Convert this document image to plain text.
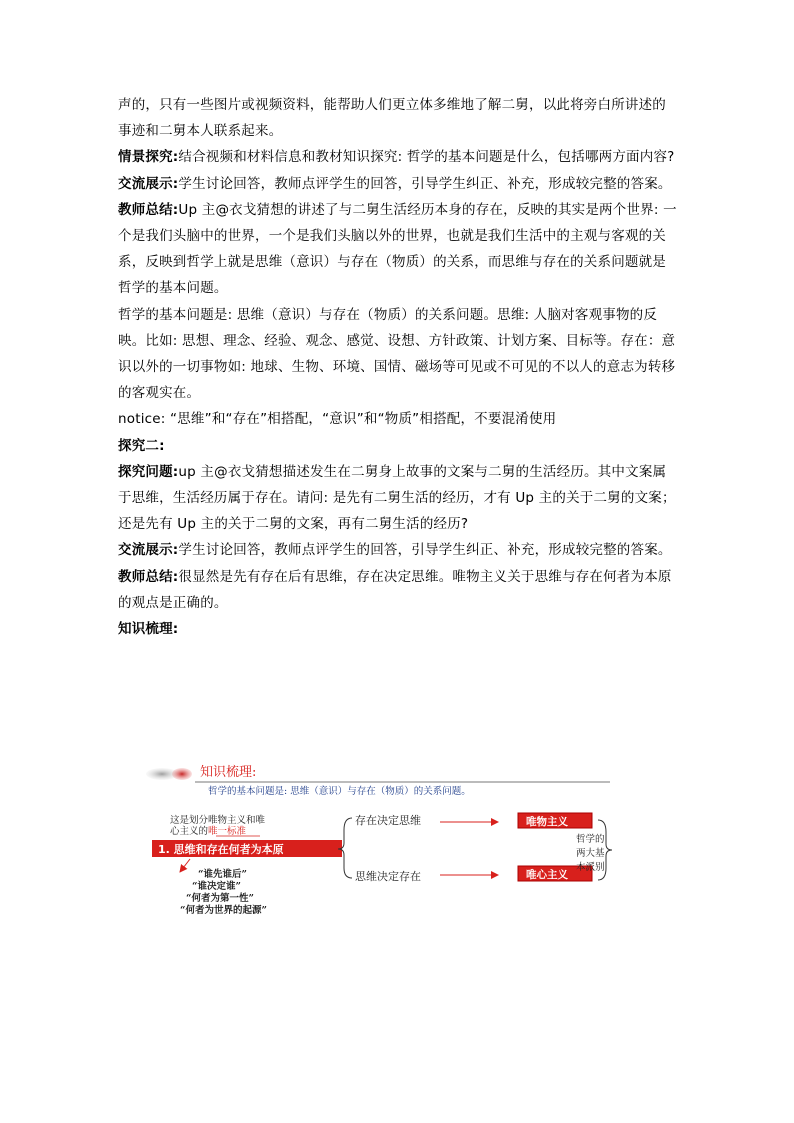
声的，只有一些图片或视频资料，能帮助人们更立体多维地了解二舅，以此将旁白所讲述的事迹和二舅本人联系起来。

情景探究:结合视频和材料信息和教材知识探究: 哲学的基本问题是什么，包括哪两方面内容?

交流展示:学生讨论回答，教师点评学生的回答，引导学生纠正、补充，形成较完整的答案。教师总结:Up 主@衣戈猜想的讲述了与二舅生活经历本身的存在，反映的其实是两个世界: 一个是我们头脑中的世界，一个是我们头脑以外的世界，也就是我们生活中的主观与客观的关系，反映到哲学上就是思维（意识）与存在（物质）的关系，而思维与存在的关系问题就是哲学的基本问题。

哲学的基本问题是: 思维（意识）与存在（物质）的关系问题。思维: 人脑对客观事物的反映。比如: 思想、理念、经验、观念、感觉、设想、方针政策、计划方案、目标等。存在：意识以外的一切事物如: 地球、生物、环境、国情、磁场等可见或不可见的不以人的意志为转移的客观实在。

notice: “思维”和“存在”相搭配，“意识”和“物质”相搭配，不要混淆使用

探究二:

探究问题:up 主@衣戈猜想描述发生在二舅身上故事的文案与二舅的生活经历。其中文案属于思维，生活经历属于存在。请问: 是先有二舅生活的经历，才有 Up 主的关于二舅的文案；还是先有 Up 主的关于二舅的文案，再有二舅生活的经历?

交流展示:学生讨论回答，教师点评学生的回答，引导学生纠正、补充，形成较完整的答案。教师总结:很显然是先有存在后有思维，存在决定思维。唯物主义关于思维与存在何者为本原的观点是正确的。

知识梳理:

知识梳理:
哲学的基本问题是: 思维（意识）与存在（物质）的关系问题。
这是划分唯物主义和唯
心主义的唯一标准
1. 思维和存在何者为本原
存在决定思维	唯物主义
思维决定存在	唯心主义
哲学的
两大基
本派别
“谁先谁后”
“谁决定谁”
“何者为第一性”
“何者为世界的起源”
